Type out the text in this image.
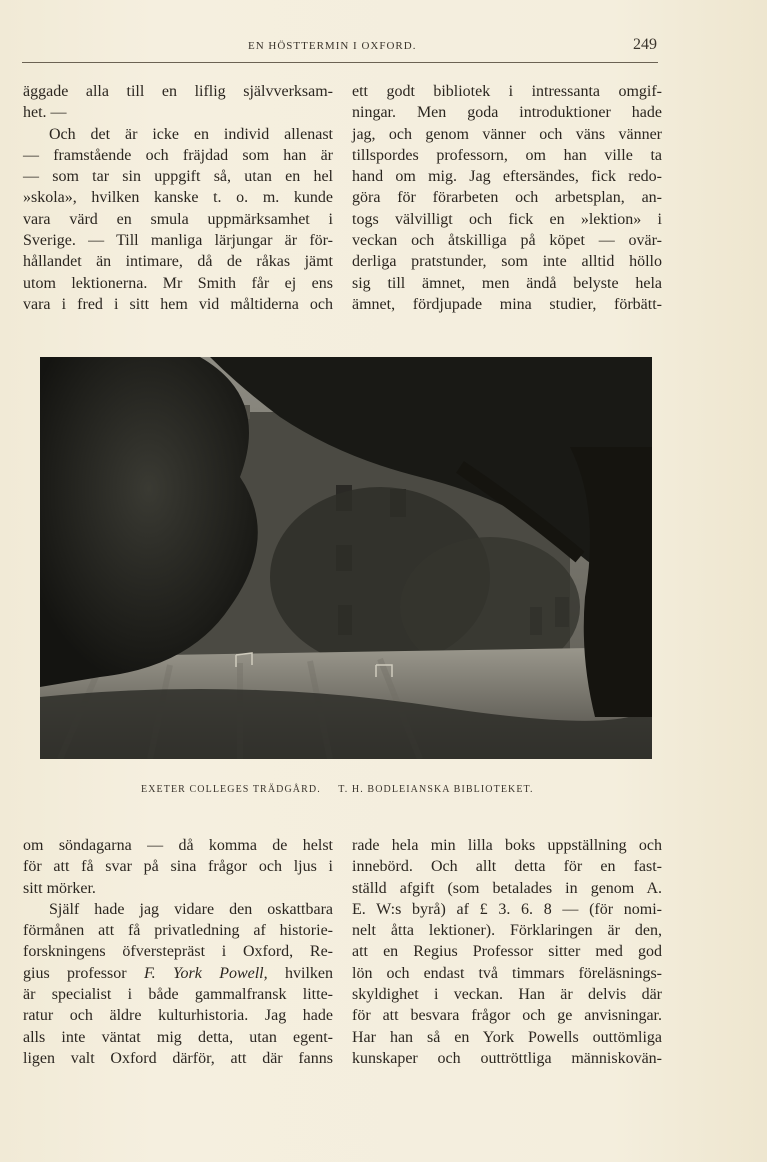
EN HÖSTTERMIN I OXFORD.	249
äggade alla till en liflig självverksam-
het. —
Och det är icke en individ allenast
— framstående och fräjdad som han är
— som tar sin uppgift så, utan en hel
»skola», hvilken kanske t. o. m. kunde
vara värd en smula uppmärksamhet i
Sverige. — Till manliga lärjungar är för-
hållandet än intimare, då de råkas jämt
utom lektionerna. Mr Smith får ej ens
vara i fred i sitt hem vid måltiderna och
ett godt bibliotek i intressanta omgif-
ningar. Men goda introduktioner hade
jag, och genom vänner och väns vänner
tillspordes professorn, om han ville ta
hand om mig. Jag eftersändes, fick redo-
göra för förarbeten och arbetsplan, an-
togs välvilligt och fick en »lektion» i
veckan och åtskilliga på köpet — ovär-
derliga pratstunder, som inte alltid höllo
sig till ämnet, men ändå belyste hela
ämnet, fördjupade mina studier, förbätt-
EXETER COLLEGES TRÄDGÅRD. T. H. BODLEIANSKA BIBLIOTEKET.
om söndagarna — då komma de helst
för att få svar på sina frågor och ljus i
sitt mörker.
Själf hade jag vidare den oskattbara
förmånen att få privatledning af historie-
forskningens öfverstepräst i Oxford, Re-
gius professor F. York Powell, hvilken
är specialist i både gammalfransk litte-
ratur och äldre kulturhistoria. Jag hade
alls inte väntat mig detta, utan egent-
ligen valt Oxford därför, att där fanns
rade hela min lilla boks uppställning och
innebörd. Och allt detta för en fast-
ställd afgift (som betalades in genom A.
E. W:s byrå) af £ 3. 6. 8 — (för nomi-
nelt åtta lektioner). Förklaringen är den,
att en Regius Professor sitter med god
lön och endast två timmars föreläsnings-
skyldighet i veckan. Han är delvis där
för att besvara frågor och ge anvisningar.
Har han så en York Powells outtömliga
kunskaper och outtröttliga människovän-
